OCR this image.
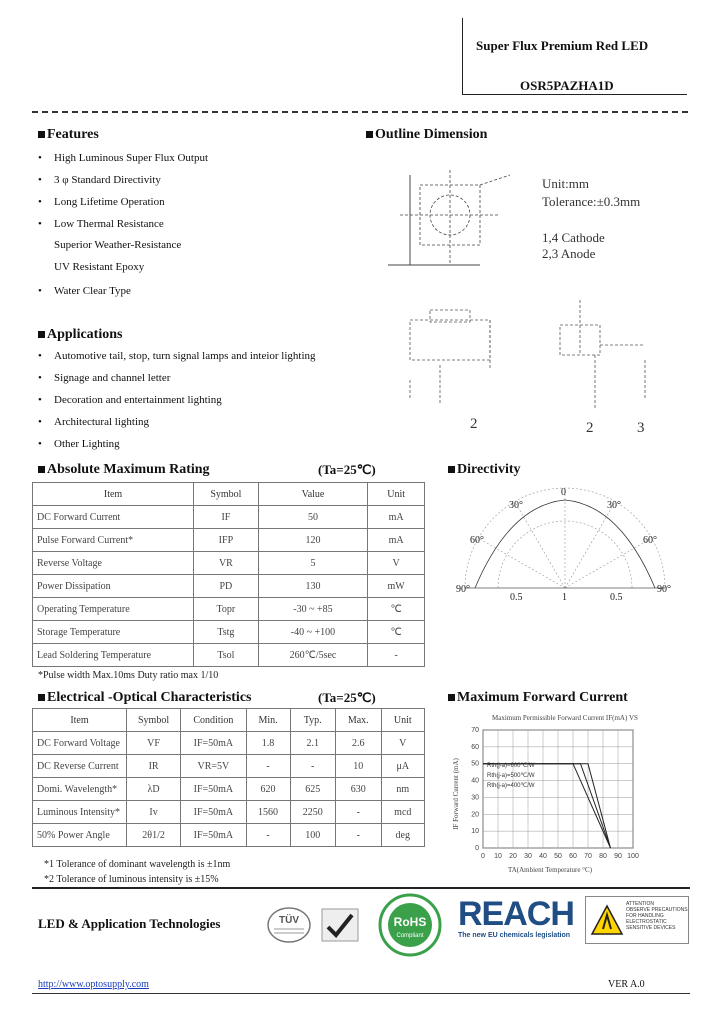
Super Flux Premium Red LED
OSR5PAZHA1D
Features
• High Luminous Super Flux Output
• 3 φ Standard Directivity
• Long Lifetime Operation
• Low Thermal Resistance
Superior Weather-Resistance
UV Resistant Epoxy
• Water Clear Type
Applications
• Automotive tail, stop, turn signal lamps and inteior lighting
• Signage and channel letter
• Decoration and entertainment lighting
• Architectural lighting
• Other Lighting
Outline Dimension
Unit:mm
Tolerance:±0.3mm
1,4 Cathode
2,3 Anode
2	2	3
Absolute Maximum Rating	(Ta=25℃)
Item	Symbol	Value	Unit
DC Forward Current	IF	50	mA
Pulse Forward Current*	IFP	120	mA
Reverse Voltage	VR	5	V
Power Dissipation	PD	130	mW
Operating Temperature	Topr	-30 ~ +85	℃
Storage Temperature	Tstg	-40 ~ +100	℃
Lead Soldering Temperature	Tsol	260℃/5sec	-
*Pulse width Max.10ms Duty ratio max 1/10
Directivity
0
30°	30°
60°	60°
90°	90°
0.5	1	0.5
Electrical -Optical Characteristics	(Ta=25℃)
Item	Symbol	Condition	Min.	Typ.	Max.	Unit
DC Forward Voltage	VF	IF=50mA	1.8	2.1	2.6	V
DC Reverse Current	IR	VR=5V	-	-	10	μA
Domi. Wavelength*	λD	IF=50mA	620	625	630	nm
Luminous Intensity*	Iv	IF=50mA	1560	2250	-	mcd
50% Power Angle	2θ1/2	IF=50mA	-	100	-	deg
*1 Tolerance of dominant wavelength is ±1nm
*2 Tolerance of luminous intensity is ±15%
Maximum Forward Current
Maximum Permissible Forward Current IF(mA) VS
TA(Ambient Temperature °C)
IF Forward Current (mA)
0 10 20 30 40 50 60 70 80 90 100
0
10
20
30
40
50
60
70
Rth(j-a)=600℃/W
Rth(j-a)=500℃/W
Rth(j-a)=400℃/W
LED & Application Technologies	TÜV	RoHS
Compliant
REACH
The new EU chemicals legislation
ATTENTION
OBSERVE PRECAUTIONS
FOR HANDLING
ELECTROSTATIC
SENSITIVE DEVICES
http://www.optosupply.com	VER A.0
